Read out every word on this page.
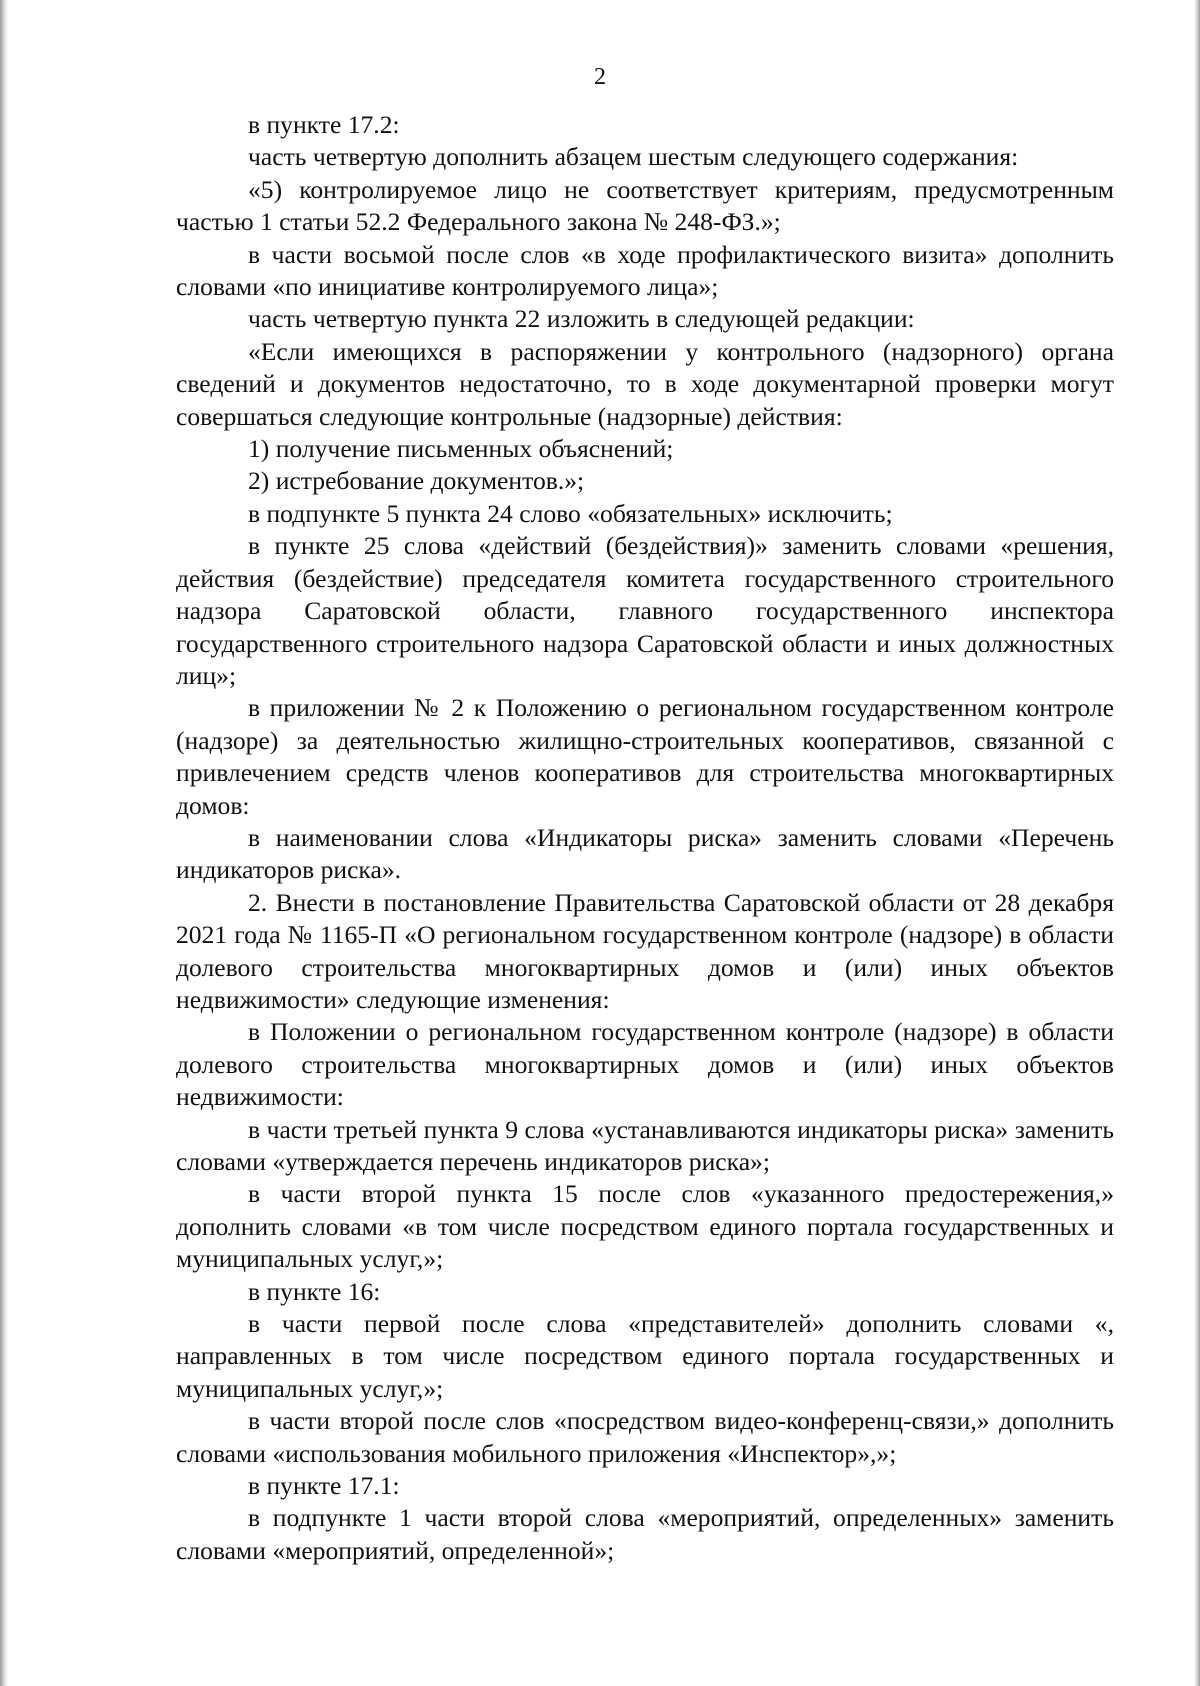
2

в пункте 17.2:

часть четвертую дополнить абзацем шестым следующего содержания:

«5) контролируемое лицо не соответствует критериям, предусмотренным частью 1 статьи 52.2 Федерального закона № 248-ФЗ.»;

в части восьмой после слов «в ходе профилактического визита» дополнить словами «по инициативе контролируемого лица»;

часть четвертую пункта 22 изложить в следующей редакции:

«Если имеющихся в распоряжении у контрольного (надзорного) органа сведений и документов недостаточно, то в ходе документарной проверки могут совершаться следующие контрольные (надзорные) действия:

1) получение письменных объяснений;

2) истребование документов.»;

в подпункте 5 пункта 24 слово «обязательных» исключить;

в пункте 25 слова «действий (бездействия)» заменить словами «решения, действия (бездействие) председателя комитета государственного строительного надзора Саратовской области, главного государственного инспектора государственного строительного надзора Саратовской области и иных должностных лиц»;

в приложении № 2 к Положению о региональном государственном контроле (надзоре) за деятельностью жилищно-строительных кооперативов, связанной с привлечением средств членов кооперативов для строительства многоквартирных домов:

в наименовании слова «Индикаторы риска» заменить словами «Перечень индикаторов риска».

2. Внести в постановление Правительства Саратовской области от 28 декабря 2021 года № 1165-П «О региональном государственном контроле (надзоре) в области долевого строительства многоквартирных домов и (или) иных объектов недвижимости» следующие изменения:

в Положении о региональном государственном контроле (надзоре) в области долевого строительства многоквартирных домов и (или) иных объектов недвижимости:

в части третьей пункта 9 слова «устанавливаются индикаторы риска» заменить словами «утверждается перечень индикаторов риска»;

в части второй пункта 15 после слов «указанного предостережения,» дополнить словами «в том числе посредством единого портала государственных и муниципальных услуг,»;

в пункте 16:

в части первой после слова «представителей» дополнить словами «, направленных в том числе посредством единого портала государственных и муниципальных услуг,»;

в части второй после слов «посредством видео-конференц-связи,» дополнить словами «использования мобильного приложения «Инспектор»,»;

в пункте 17.1:

в подпункте 1 части второй слова «мероприятий, определенных» заменить словами «мероприятий, определенной»;
